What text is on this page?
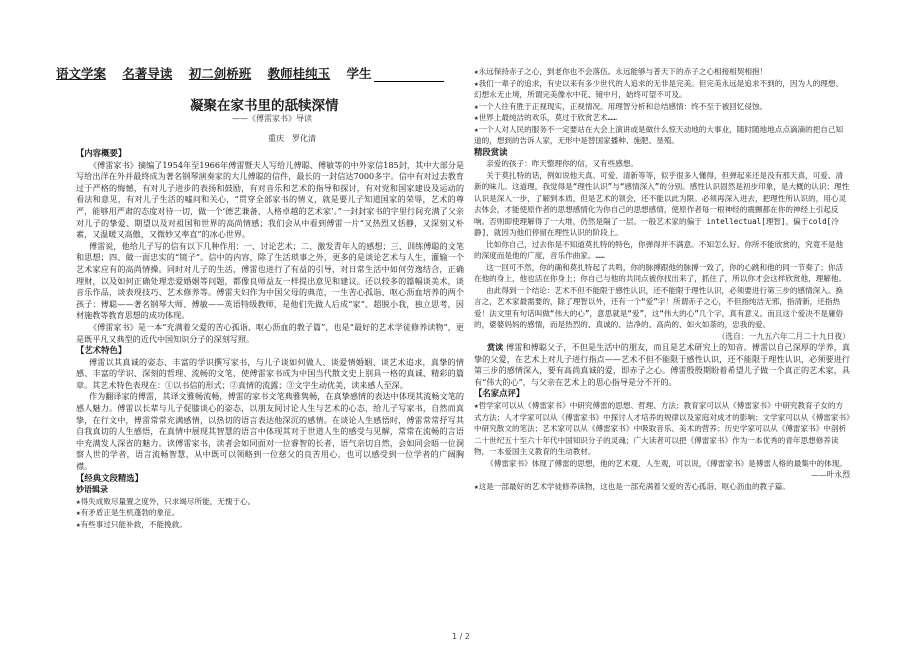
语文学案 名著导读 初二剑桥班 教师桂纯玉 学生
凝聚在家书里的舐犊深情
——《傅雷家书》导读
重庆　罗化清

【内容概要】

《傅雷家书》摘编了1954年至1966年傅雷暨夫人写给儿傅聪、傅敏等的中外家信185封，其中大部分是写给出洋在外并最终成为著名钢琴演奏家的大儿傅聪的信件，最长的一封信达7000多字。信中有对过去教育过于严格的悔憾，有对儿子进步的表扬和鼓励，有对音乐和艺术的指导和探讨，有对党和国家建设及运动的看法和意见，有对儿子生活的嘘问和关心，“贯穿全部家书的情义，就是要儿子知道国家的荣辱，艺术的尊严，能够用严肃的态度对待一切，做一个‘德艺兼备、人格卓越的艺术家’。”一封封家书的字里行间充满了父亲对儿子的挚爱、期望以及对祖国和世界的高尚情感；我们会从中看到傅雷一片“又热烈又恬静，又深刻又朴素，又温暖又高傲，又微妙又率直”的冰心世界。

傅雷说，他给儿子写的信有以下几种作用：一、讨论艺术；二、激发青年人的感想；三、训练傅聪的文笔和思想；四、做一面忠实的“镜子”。信中的内容，除了生活琐事之外，更多的是谈论艺术与人生，灌输一个艺术家应有的高尚情操。同时对儿子的生活，傅雷也进行了有益的引导，对日常生活中如何劳逸结合，正确理财，以及如何正确处理恋爱婚姻等问题，都像良师益友一样提出意见和建议。还以较多的篇幅谈美术，谈音乐作品，谈表现技巧、艺术修养等。傅雷夫妇作为中国父母的典范，一生苦心孤诣、呕心沥血培养的两个孩子：傅聪——著名钢琴大师、傅敏——英语特级教师，是他们先做人后成“家”、超脱小我，独立思考，因材施教等教育思想的成功体现。

《傅雷家书》是一本“充满着父爱的苦心孤诣、呕心沥血的教子篇”，也是“最好的艺术学徒修养读物”，更是既平凡又典型的近代中国知识分子的深刻写照。

【艺术特色】

傅雷以其真诚的姿态、丰富的学识撰写家书，与儿子谈如何做人、谈爱情婚姻、谈艺术追求，真挚的情感、丰富的学识、深刻的哲理、流畅的文笔，使傅雷家书成为中国当代散文史上别具一格的真诚、精彩的篇章。其艺术特色表现在：①以书信的形式；②真情的流露；③文字生动优美，读来感人至深。

作为翻译家的傅雷，其译文雅畅流畅，傅雷的家书文笔典雅隽畅，在真挚感情的表达中体现其流畅文笔的感人魅力。傅雷以长辈与儿子促膝谈心的姿态，以朋友间讨论人生与艺术的心态，给儿子写家书，自然而真挚，在行文中，傅雷常常充满感情，以热切的语言表达他深沉的感情。在谈论人生感悟时，傅雷常常抒写其自我真切的人生感悟，在真情中展现其智慧的语言中体现其对于世道人生的感受与见解，常常在流畅的言语中充满发人深省的魅力。读傅雷家书，读者会如同面对一位睿智的长者，语气亲切自然，会如同会晤一位洞察人世的学者，语言流畅智慧，从中既可以领略到一位慈父的良苦用心，也可以感受到一位学者的广阔胸襟。

【经典文段精选】

妙语辑录

★得失成败尽量置之度外，只求竭尽所能，无愧于心。

★有矛盾正是生机蓬勃的象征。

★有些事过只能补救，不能挽救。

★永远保持赤子之心，到老你也不会落伍。永远能够与普天下的赤子之心相接相契相抱！

★我们一辈子的追求，有史以来有多少世代的人追求的无非是完美。但完美永远是追求不到的，因为人的理想、幻想永无止境，所谓完美像水中花、镜中月，始终可望不可及。

★一个人往有胜于正视现实，正视情况。用理智分析和总结感情：终不至于被回忆侵蚀。

★世界上最纯洁的欢乐，莫过于欣赏艺术……

★一个人对人民的服务不一定要站在大会上演讲或是做什么惊天动地的大事业，随时随地地点点滴滴的把自己知道的，想到的告诉人家，无形中是替国家播种、施肥、垦殖。

精段赏读

亲爱的孩子：昨天整理你的信，又有些感想。

关于莫扎特的话，例如说他天真、可爱、清新等等，似乎很多人懂得，但弹起来还是没有那天真，可爱、清新的味儿。这道理，我觉得是“理性认识”与“感情深入”的分别。感性认识固然是初步印象，是大概的认识；理性认识是深入一步，了解到本质，但是艺术的领会，还不能以此为限。必须再深入进去，把理性所认识的，用心灵去体会，才能使原作者的思想感情化为你自己的思想感情，使原作者每一根神经的震颤都在你的神经上引起反响。否则即使理解得了一大堆，仍然是隔了一层。一般艺术家的偏于 intellectual[理智]，偏于cold[冷静]，就因为他们停留在理性认识的阶段上。

比如你自己，过去你是不知道莫扎特的特色，你弹得并不满意。不知怎么好。你所不能欣赏的，究竟不是他的深度而是他的广度，音乐作曲家。……

这一回可不然，你的确和莫扎特起了共鸣，你的脉搏跟他的脉搏一致了，你的心跳和他的同一节奏了；你活在他的身上，他也活在你身上；你自己与他的共同点被你找出来了，抓住了，所以你才会这样欣赏他，理解他。

由此得到一个结论：艺术不但不能限于感性认识，还不能限于理性认识，必须要进行第三步的感情深入。换言之，艺术家最需要的，除了理智以外，还有一个“爱”字！所谓赤子之心，不但指纯洁无邪，指清新，还指热爱！法文里有句话叫做“伟大的心”，意思就是“爱”，这“伟大的心”几个字，真有意义。而且这个爱决不是庸俗的，婆婆妈妈的感情，而是热烈的、真诚的、洁净的、高尚的、如火如荼的，忠我的爱。

（选自：一九五六年二月二十九日夜）

赏读 傅雷和傅聪父子，不但是生活中的朋友，而且是艺术研究上的知音。傅雷以自己深厚的学养，真挚的父爱，在艺术上对儿子进行指点——艺术不但不能限于感性认识，还不能限于理性认识，必须要进行第三步的感情深入，要有高尚真诚的爱，即赤子之心。傅雷殷殷期盼着希望儿子做一个真正的艺术家，具有“伟大的心”，与父亲在艺术上的思心指导是分不开的。

【名家点评】

★哲学家可以从《傅雷家书》中研究傅雷的思想、哲理、方法；教育家可以从《傅雷家书》中研究教育子女的方式方法；人才学家可以从《傅雷家书》中探讨人才培养的规律以及家庭对成才的影响；文学家可以从《傅雷家书》中研究散文的笔法；艺术家可以从《傅雷家书》中吸取音乐、美术的营养；历史学家可以从《傅雷家书》中剖析二十世纪五十至六十年代中国知识分子的灵魂；广大读者可以把《傅雷家书》作为一本优秀的青年思想修养读物，一本爱国主义教育的生动教材。

《傅雷家书》体现了傅雷的思想，他的艺术观、人生观，可以说，《傅雷家书》是傅雷人格的最集中的体现。

——叶永烈

★这是一部最好的艺术学徒修养读物，这也是一部充满着父爱的苦心孤诣、呕心沥血的教子篇。

1 / 2
